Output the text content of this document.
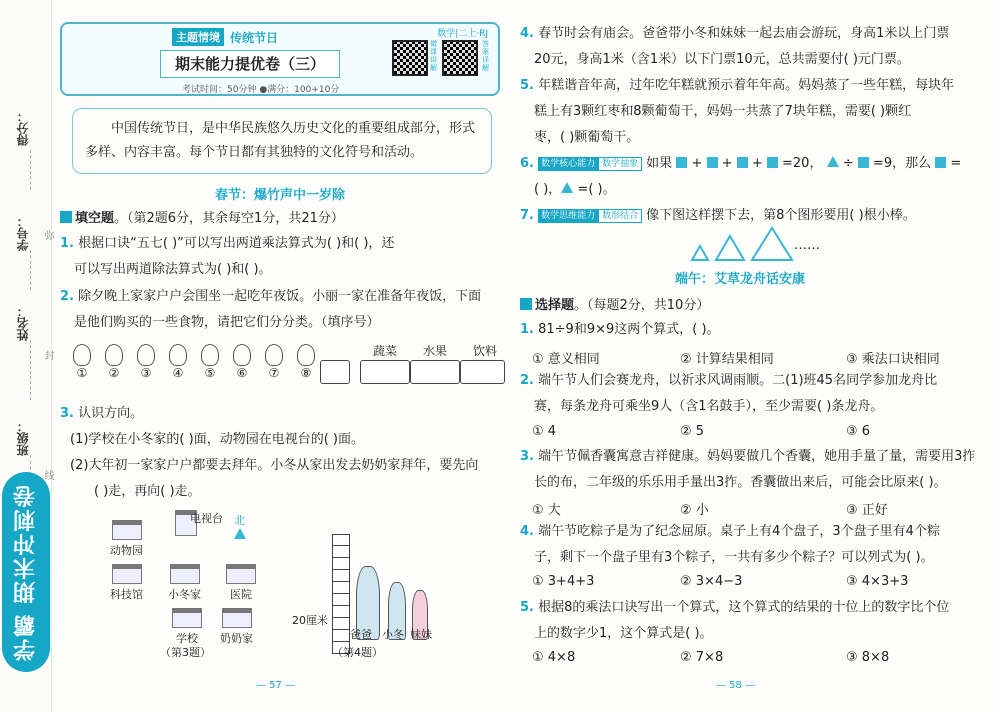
得分：
学号：
姓名：
班级：
弥
封
线
学霸 期末冲刺卷
主题情境 传统节日	数学|二上·RJ
期末能力提优卷（三）
考试时间：50分钟 ●满分：100+10分
微课讲解
答案详解
中国传统节日，是中华民族悠久历史文化的重要组成部分，形式多样、内容丰富。每个节日都有其独特的文化符号和活动。
春节：爆竹声中一岁除
填空题。（第2题6分，其余每空1分，共21分）
1. 根据口诀“五七( )”可以写出两道乘法算式为( )和( )，还
可以写出两道除法算式为( )和( )。
2. 除夕晚上家家户户会围坐一起吃年夜饭。小丽一家在准备年夜饭，下面
是他们购买的一些食物，请把它们分分类。（填序号）
①	②	③	④	⑤	⑥	⑦	⑧
蔬菜	水果	饮料
3. 认识方向。
(1)学校在小冬家的( )面，动物园在电视台的( )面。
(2)大年初一家家户户都要去拜年。小冬从家出发去奶奶家拜年，要先向
( )走，再向( )走。
动物园
电视台 北
科技馆 小冬家	医院
学校	奶奶家
（第3题）
20厘米
爸爸 小冬 妹妹
（第4题）
— 57 —
4. 春节时会有庙会。爸爸带小冬和妹妹一起去庙会游玩，身高1米以上门票
20元，身高1米（含1米）以下门票10元，总共需要付( )元门票。
5. 年糕谐音年高，过年吃年糕就预示着年年高。妈妈蒸了一些年糕，每块年
糕上有3颗红枣和8颗葡萄干，妈妈一共蒸了7块年糕，需要( )颗红
枣，( )颗葡萄干。
6. 数学核心能力 数学抽象 如果 + + + =20， ÷ =9，那么 =
( )， =( )。
7. 数学思维能力 数形结合 像下图这样摆下去，第8个图形要用( )根小棒。
……
端午：艾草龙舟话安康
选择题。（每题2分，共10分）
1. 81÷9和9×9这两个算式，( )。
① 意义相同	② 计算结果相同	③ 乘法口诀相同
2. 端午节人们会赛龙舟，以祈求风调雨顺。二(1)班45名同学参加龙舟比
赛，每条龙舟可乘坐9人（含1名鼓手），至少需要( )条龙舟。
① 4	② 5	③ 6
3. 端午节佩香囊寓意吉祥健康。妈妈要做几个香囊，她用手量了量，需要用3拃
长的布，二年级的乐乐用手量出3拃。香囊做出来后，可能会比原来( )。
① 大	② 小	③ 正好
4. 端午节吃粽子是为了纪念屈原。桌子上有4个盘子，3个盘子里有4个粽
子，剩下一个盘子里有3个粽子，一共有多少个粽子？可以列式为( )。
① 3+4+3	② 3×4−3	③ 4×3+3
5. 根据8的乘法口诀写出一个算式，这个算式的结果的十位上的数字比个位
上的数字少1，这个算式是( )。
① 4×8	② 7×8	③ 8×8
— 58 —
